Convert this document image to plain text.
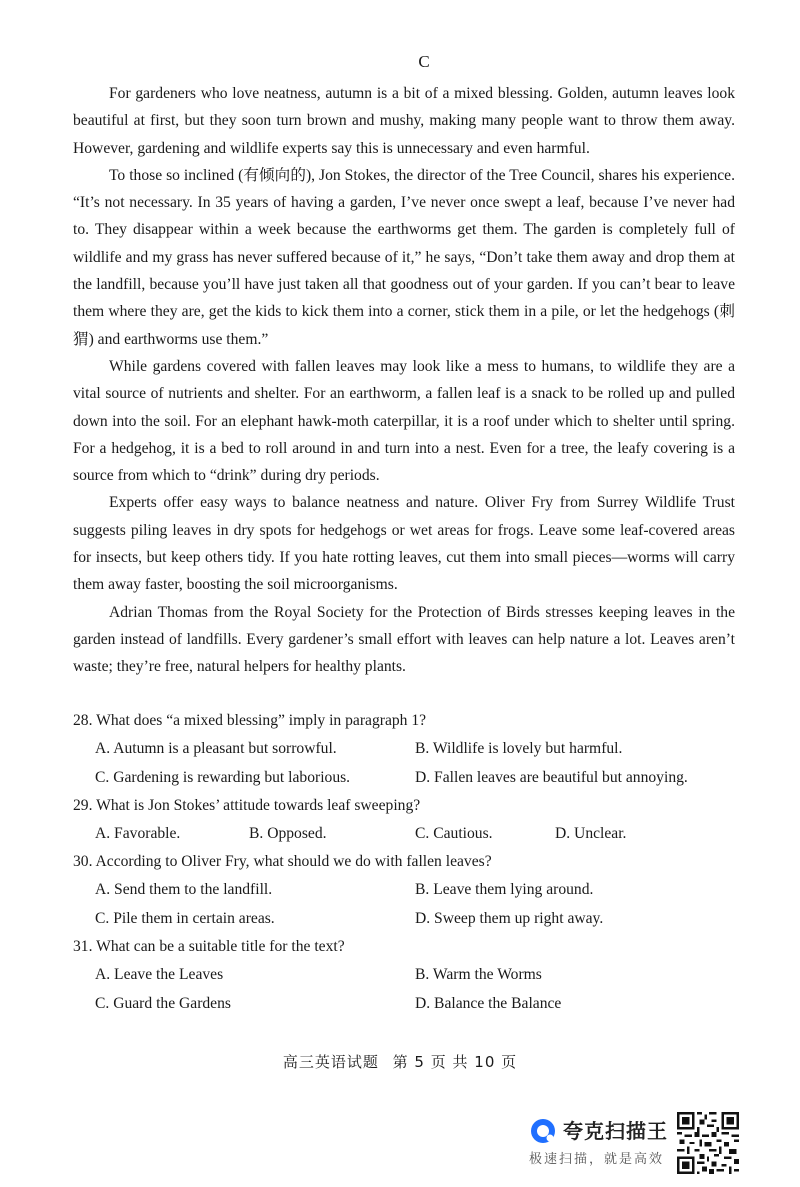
C

For gardeners who love neatness, autumn is a bit of a mixed blessing. Golden, autumn leaves look beautiful at first, but they soon turn brown and mushy, making many people want to throw them away. However, gardening and wildlife experts say this is unnecessary and even harmful.

To those so inclined (有倾向的), Jon Stokes, the director of the Tree Council, shares his experience. “It’s not necessary. In 35 years of having a garden, I’ve never once swept a leaf, because I’ve never had to. They disappear within a week because the earthworms get them. The garden is completely full of wildlife and my grass has never suffered because of it,” he says, “Don’t take them away and drop them at the landfill, because you’ll have just taken all that goodness out of your garden. If you can’t bear to leave them where they are, get the kids to kick them into a corner, stick them in a pile, or let the hedgehogs (刺猬) and earthworms use them.”

While gardens covered with fallen leaves may look like a mess to humans, to wildlife they are a vital source of nutrients and shelter. For an earthworm, a fallen leaf is a snack to be rolled up and pulled down into the soil. For an elephant hawk-moth caterpillar, it is a roof under which to shelter until spring. For a hedgehog, it is a bed to roll around in and turn into a nest. Even for a tree, the leafy covering is a source from which to “drink” during dry periods.

Experts offer easy ways to balance neatness and nature. Oliver Fry from Surrey Wildlife Trust suggests piling leaves in dry spots for hedgehogs or wet areas for frogs. Leave some leaf-covered areas for insects, but keep others tidy. If you hate rotting leaves, cut them into small pieces—worms will carry them away faster, boosting the soil microorganisms.

Adrian Thomas from the Royal Society for the Protection of Birds stresses keeping leaves in the garden instead of landfills. Every gardener’s small effort with leaves can help nature a lot. Leaves aren’t waste; they’re free, natural helpers for healthy plants.

28. What does “a mixed blessing” imply in paragraph 1?
A. Autumn is a pleasant but sorrowful.	B. Wildlife is lovely but harmful.
C. Gardening is rewarding but laborious.	D. Fallen leaves are beautiful but annoying.
29. What is Jon Stokes’ attitude towards leaf sweeping?
A. Favorable.	B. Opposed.	C. Cautious.	D. Unclear.
30. According to Oliver Fry, what should we do with fallen leaves?
A. Send them to the landfill.	B. Leave them lying around.
C. Pile them in certain areas.	D. Sweep them up right away.
31. What can be a suitable title for the text?
A. Leave the Leaves	B. Warm the Worms
C. Guard the Gardens	D. Balance the Balance
高三英语试题 第 5 页 共 10 页
夸克扫描王
极速扫描，就是高效
